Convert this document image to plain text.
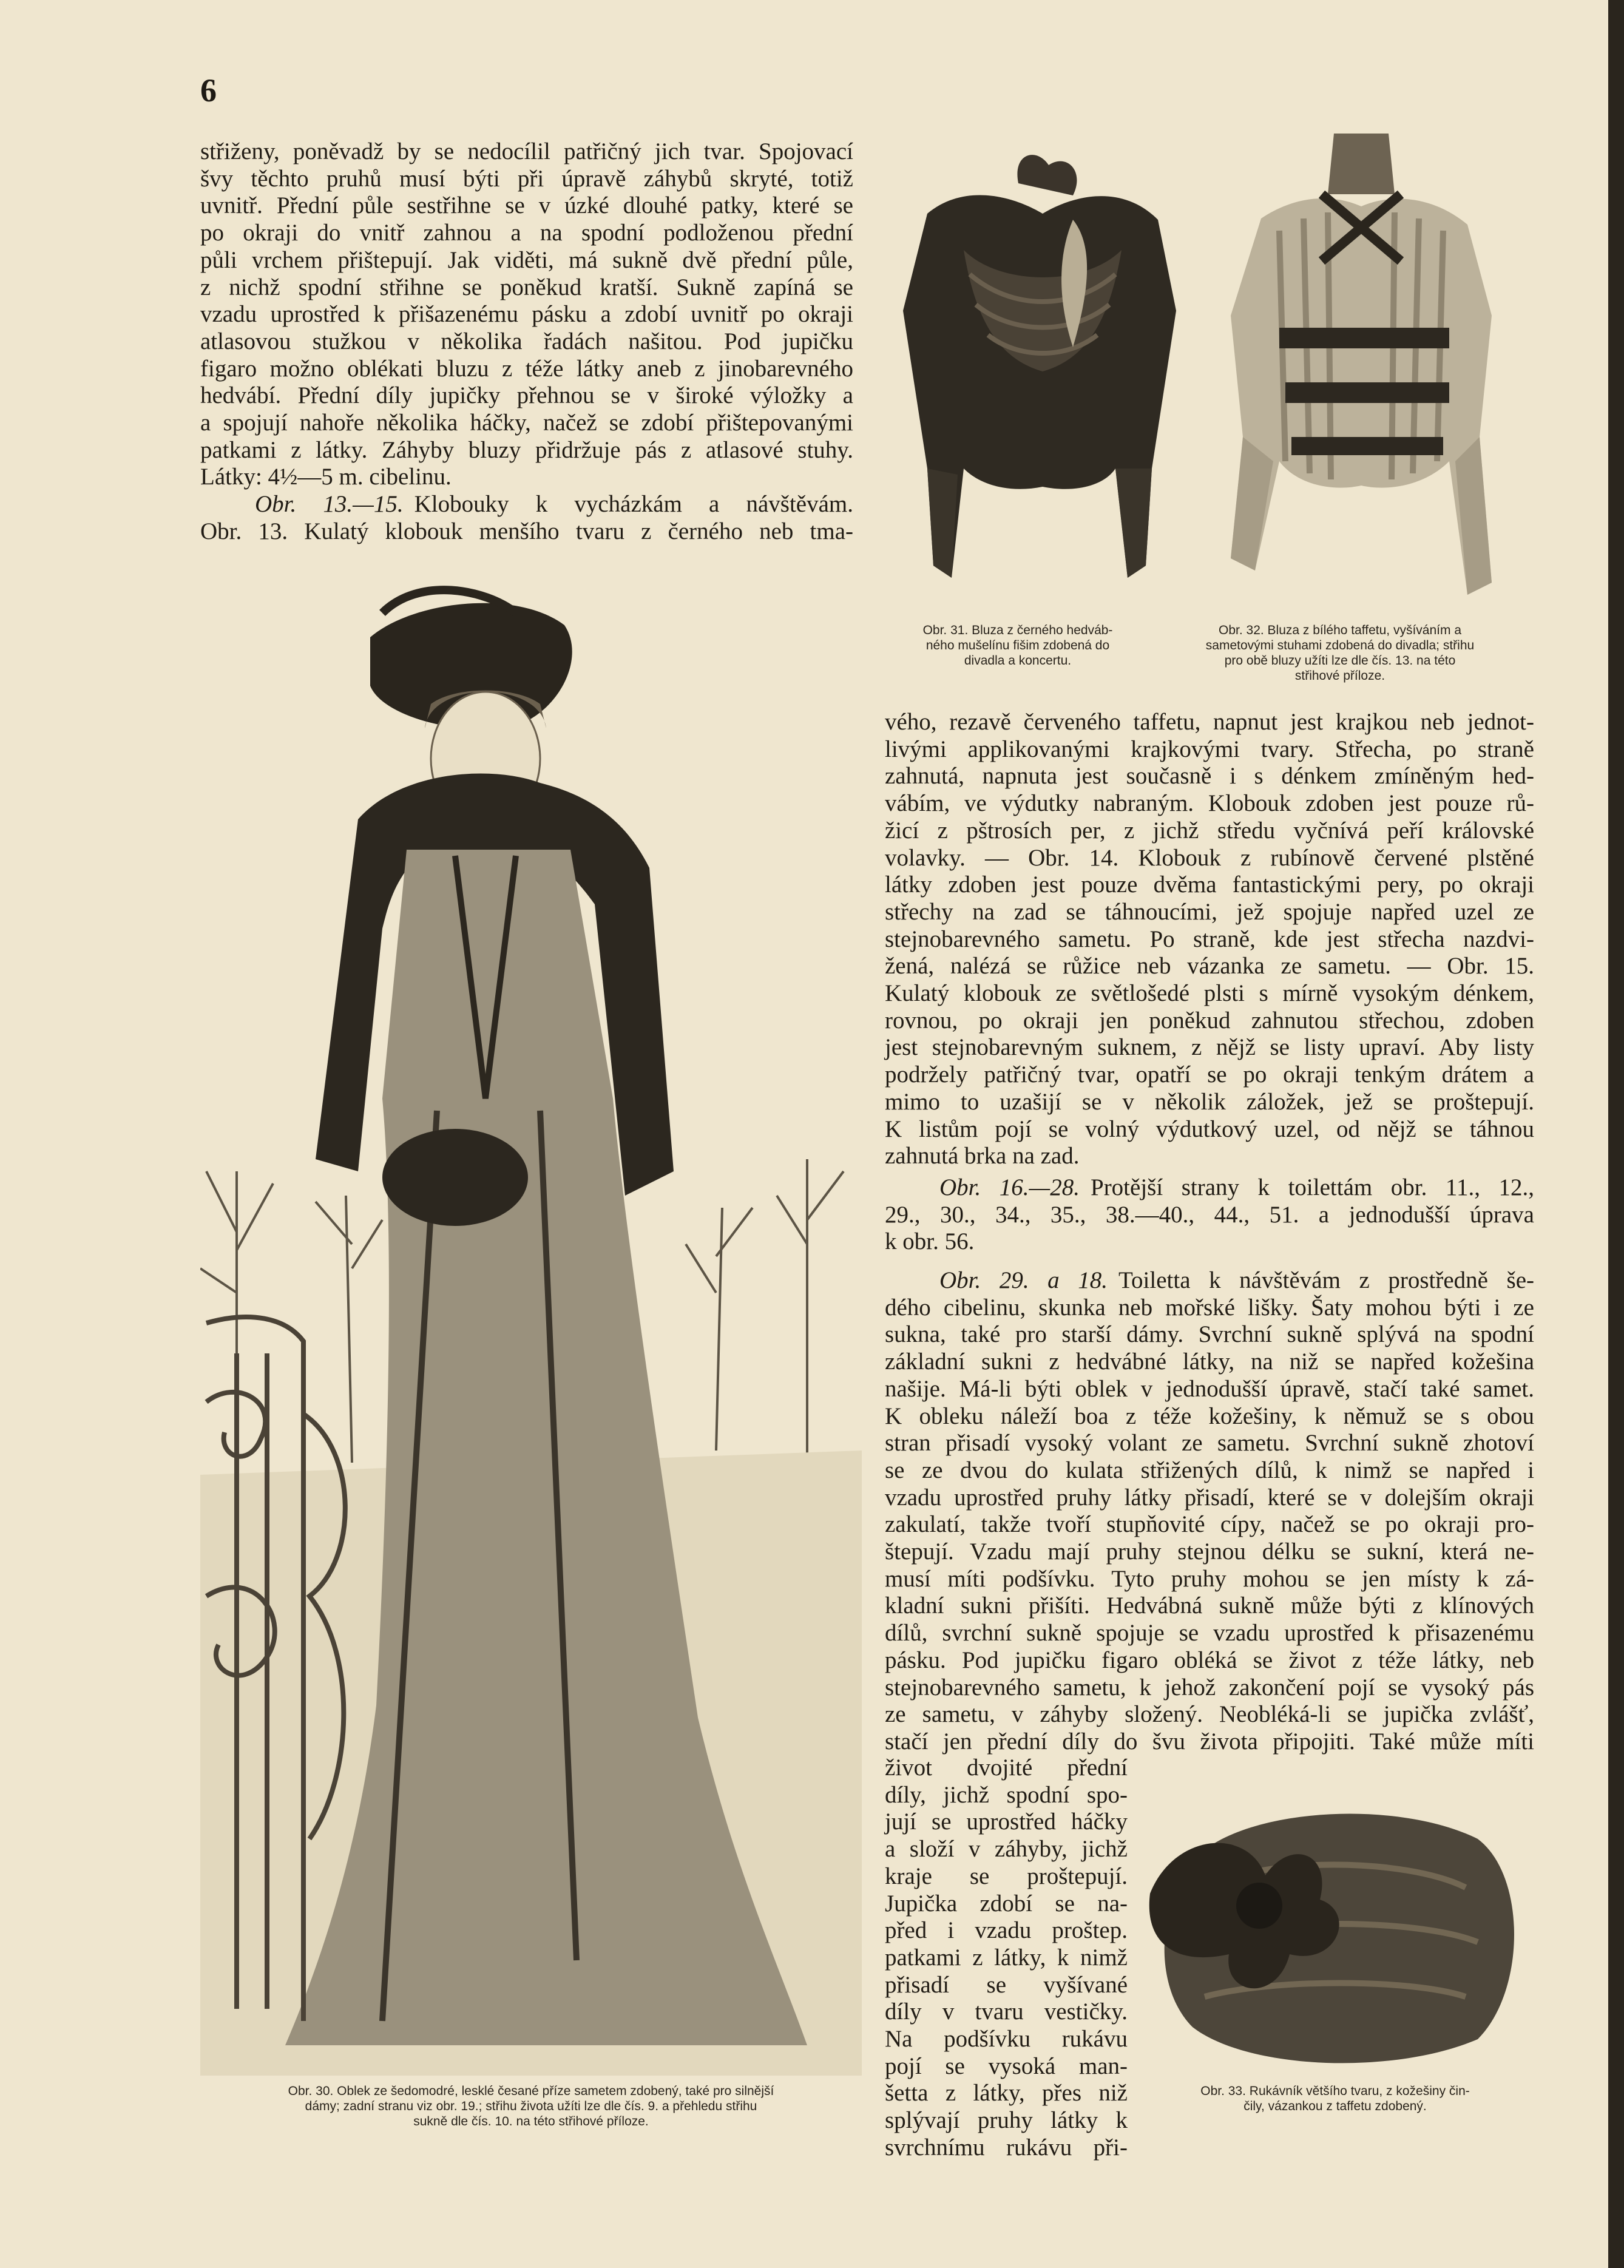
6
střiženy, poněvadž by se nedocílil patřičný jich tvar. Spojovací
švy těchto pruhů musí býti při úpravě záhybů skryté, totiž
uvnitř. Přední půle sestřihne se v úzké dlouhé patky, které se
po okraji do vnitř zahnou a na spodní podloženou přední
půli vrchem přištepují. Jak viděti, má sukně dvě přední půle,
z nichž spodní střihne se poněkud kratší. Sukně zapíná se
vzadu uprostřed k přišazenému pásku a zdobí uvnitř po okraji
atlasovou stužkou v několika řadách našitou. Pod jupičku
figaro možno oblékati bluzu z téže látky aneb z jinobarevného
hedvábí. Přední díly jupičky přehnou se v široké výložky a
a spojují nahoře několika háčky, načež se zdobí přištepovanými
patkami z látky. Záhyby bluzy přidržuje pás z atlasové stuhy.
Látky: 4½—5 m. cibelinu.
Obr. 13.—15. Klobouky k vycházkám a návštěvám.
Obr. 13. Kulatý klobouk menšího tvaru z černého neb tma-
Obr. 31. Bluza z černého hedváb-
ného mušelínu fišim zdobená do
divadla a koncertu.
Obr. 32. Bluza z bílého taffetu, vyšíváním a
sametovými stuhami zdobená do divadla; střihu
pro obě bluzy užíti lze dle čís. 13. na této
střihové příloze.
Obr. 30. Oblek ze šedomodré, lesklé česané příze sametem zdobený, také pro silnější
dámy; zadní stranu viz obr. 19.; střihu života užíti lze dle čís. 9. a přehledu střihu
sukně dle čís. 10. na této střihové příloze.
vého, rezavě červeného taffetu, napnut jest krajkou neb jednot-
livými applikovanými krajkovými tvary. Střecha, po straně
zahnutá, napnuta jest současně i s dénkem zmíněným hed-
vábím, ve výdutky nabraným. Klobouk zdoben jest pouze rů-
žicí z pštrosích per, z jichž středu vyčnívá peří královské
volavky. — Obr. 14. Klobouk z rubínově červené plstěné
látky zdoben jest pouze dvěma fantastickými pery, po okraji
střechy na zad se táhnoucími, jež spojuje napřed uzel ze
stejnobarevného sametu. Po straně, kde jest střecha nazdvi-
žená, nalézá se růžice neb vázanka ze sametu. — Obr. 15.
Kulatý klobouk ze světlošedé plsti s mírně vysokým dénkem,
rovnou, po okraji jen poněkud zahnutou střechou, zdoben
jest stejnobarevným suknem, z nějž se listy upraví. Aby listy
podržely patřičný tvar, opatří se po okraji tenkým drátem a
mimo to uzašijí se v několik záložek, jež se proštepují.
K listům pojí se volný výdutkový uzel, od nějž se táhnou
zahnutá brka na zad.
Obr. 16.—28. Protější strany k toilettám obr. 11., 12.,
29., 30., 34., 35., 38.—40., 44., 51. a jednodušší úprava
k obr. 56.
Obr. 29. a 18. Toiletta k návštěvám z prostředně še-
dého cibelinu, skunka neb mořské lišky. Šaty mohou býti i ze
sukna, také pro starší dámy. Svrchní sukně splývá na spodní
základní sukni z hedvábné látky, na niž se napřed kožešina
našije. Má-li býti oblek v jednodušší úpravě, stačí také samet.
K obleku náleží boa z téže kožešiny, k němuž se s obou
stran přisadí vysoký volant ze sametu. Svrchní sukně zhotoví
se ze dvou do kulata střižených dílů, k nimž se napřed i
vzadu uprostřed pruhy látky přisadí, které se v dolejším okraji
zakulatí, takže tvoří stupňovité cípy, načež se po okraji pro-
štepují. Vzadu mají pruhy stejnou délku se sukní, která ne-
musí míti podšívku. Tyto pruhy mohou se jen místy k zá-
kladní sukni přišíti. Hedvábná sukně může býti z klínových
dílů, svrchní sukně spojuje se vzadu uprostřed k přisazenému
pásku. Pod jupičku figaro obléká se život z téže látky, neb
stejnobarevného sametu, k jehož zakončení pojí se vysoký pás
ze sametu, v záhyby složený. Neobléká-li se jupička zvlášť,
stačí jen přední díly do švu života připojiti. Také může míti
život dvojité přední
díly, jichž spodní spo-
jují se uprostřed háčky
a složí v záhyby, jichž
kraje se proštepují.
Jupička zdobí se na-
před i vzadu proštep.
patkami z látky, k nimž
přisadí se vyšívané
díly v tvaru vestičky.
Na podšívku rukávu
pojí se vysoká man-
šetta z látky, přes niž
splývají pruhy látky k
svrchnímu rukávu při-
Obr. 33. Rukávník většího tvaru, z kožešiny čin-
čily, vázankou z taffetu zdobený.
